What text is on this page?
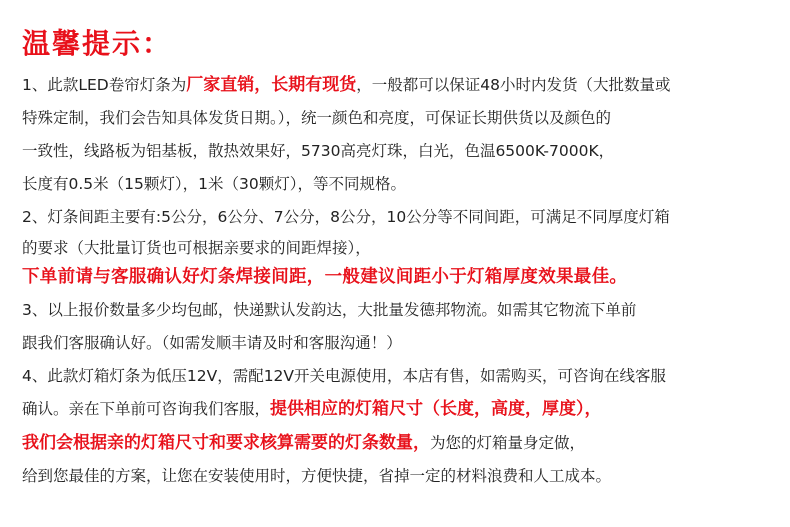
温馨提示：

1、此款LED卷帘灯条为厂家直销，长期有现货，一般都可以保证48小时内发货（大批数量或

特殊定制，我们会告知具体发货日期。），统一颜色和亮度，可保证长期供货以及颜色的

一致性，线路板为铝基板，散热效果好，5730高亮灯珠，白光，色温6500K-7000K，

长度有0.5米（15颗灯），1米（30颗灯），等不同规格。

2、灯条间距主要有:5公分，6公分、7公分，8公分，10公分等不同间距，可满足不同厚度灯箱

的要求（大批量订货也可根据亲要求的间距焊接），

下单前请与客服确认好灯条焊接间距，一般建议间距小于灯箱厚度效果最佳。

3、以上报价数量多少均包邮，快递默认发韵达，大批量发德邦物流。如需其它物流下单前

跟我们客服确认好。（如需发顺丰请及时和客服沟通！）

4、此款灯箱灯条为低压12V，需配12V开关电源使用，本店有售，如需购买，可咨询在线客服

确认。亲在下单前可咨询我们客服，提供相应的灯箱尺寸（长度，高度，厚度），

我们会根据亲的灯箱尺寸和要求核算需要的灯条数量，为您的灯箱量身定做，

给到您最佳的方案，让您在安装使用时，方便快捷，省掉一定的材料浪费和人工成本。
